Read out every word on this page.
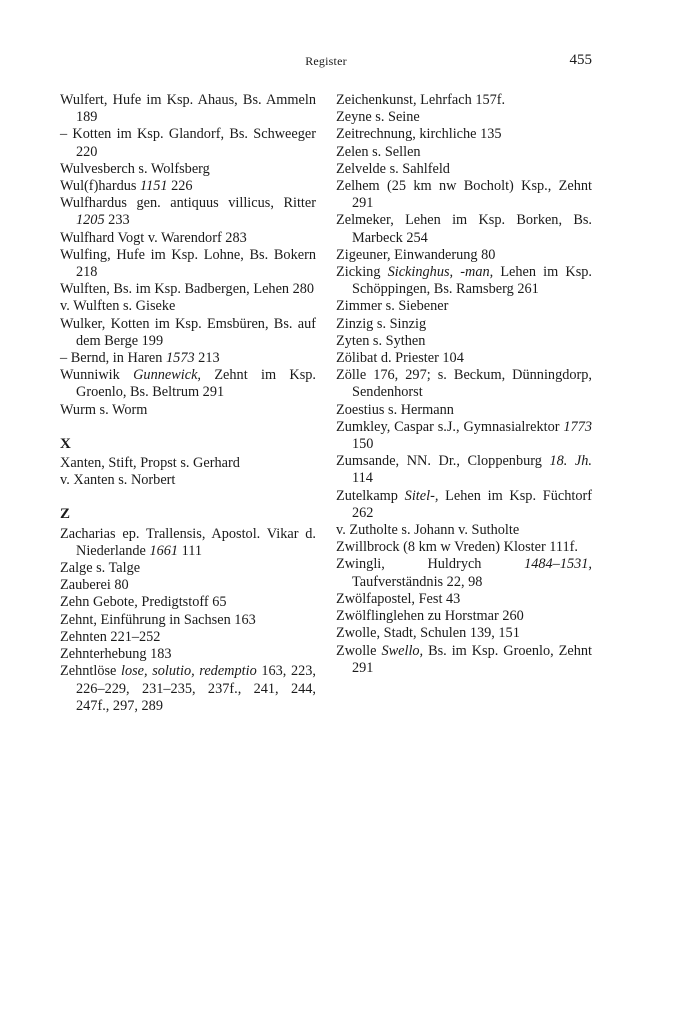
Register	455

Wulfert, Hufe im Ksp. Ahaus, Bs. Ammeln 189

– Kotten im Ksp. Glandorf, Bs. Schweeger 220

Wulvesberch s. Wolfsberg

Wul(f)hardus 1151 226

Wulfhardus gen. antiquus villicus, Ritter 1205 233

Wulfhard Vogt v. Warendorf 283

Wulfing, Hufe im Ksp. Lohne, Bs. Bokern 218

Wulften, Bs. im Ksp. Badbergen, Lehen 280

v. Wulften s. Giseke

Wulker, Kotten im Ksp. Emsbüren, Bs. auf dem Berge 199

– Bernd, in Haren 1573 213

Wunniwik Gunnewick, Zehnt im Ksp. Groenlo, Bs. Beltrum 291

Wurm s. Worm

X

Xanten, Stift, Propst s. Gerhard

v. Xanten s. Norbert

Z

Zacharias ep. Trallensis, Apostol. Vikar d. Niederlande 1661 111

Zalge s. Talge

Zauberei 80

Zehn Gebote, Predigtstoff 65

Zehnt, Einführung in Sachsen 163

Zehnten 221–252

Zehnterhebung 183

Zehntlöse lose, solutio, redemptio 163, 223, 226–229, 231–235, 237f., 241, 244, 247f., 297, 289

Zeichenkunst, Lehrfach 157f.

Zeyne s. Seine

Zeitrechnung, kirchliche 135

Zelen s. Sellen

Zelvelde s. Sahlfeld

Zelhem (25 km nw Bocholt) Ksp., Zehnt 291

Zelmeker, Lehen im Ksp. Borken, Bs. Marbeck 254

Zigeuner, Einwanderung 80

Zicking Sickinghus, -man, Lehen im Ksp. Schöppingen, Bs. Ramsberg 261

Zimmer s. Siebener

Zinzig s. Sinzig

Zyten s. Sythen

Zölibat d. Priester 104

Zölle 176, 297; s. Beckum, Dünningdorp, Sendenhorst

Zoestius s. Hermann

Zumkley, Caspar s.J., Gymnasialrektor 1773 150

Zumsande, NN. Dr., Cloppenburg 18. Jh. 114

Zutelkamp Sitel-, Lehen im Ksp. Füchtorf 262

v. Zutholte s. Johann v. Sutholte

Zwillbrock (8 km w Vreden) Kloster 111f.

Zwingli, Huldrych 1484–1531, Taufverständnis 22, 98

Zwölfapostel, Fest 43

Zwölflinglehen zu Horstmar 260

Zwolle, Stadt, Schulen 139, 151

Zwolle Swello, Bs. im Ksp. Groenlo, Zehnt 291
